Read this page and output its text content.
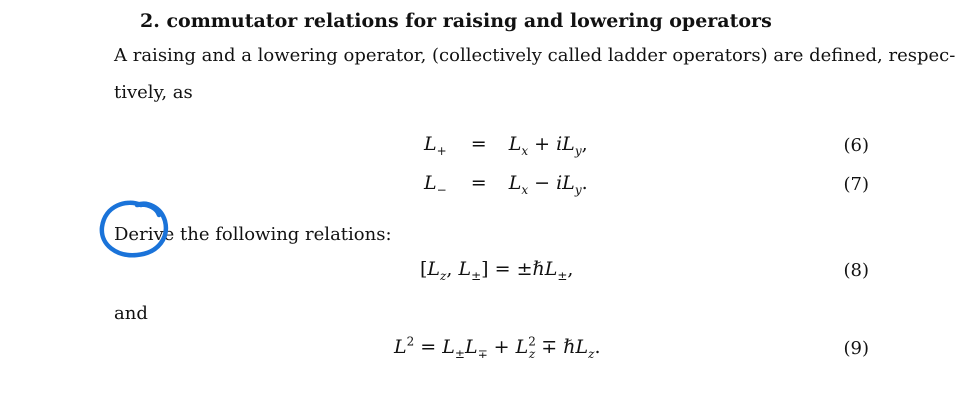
2. commutator relations for raising and lowering operators
A raising and a lowering operator, (collectively called ladder operators) are defined, respec-
tively, as
$L_+ = L_x + iL_y$,	(6)
$L_- = L_x - iL_y$.	(7)
Derive the following relations:
[$L_z$, $L_\pm$] = ±ℏL$_\pm$,	(8)
and
$L^2 = L_\pm L_\mp + L^2_z$ ∓ ℏL$_z$.	(9)
